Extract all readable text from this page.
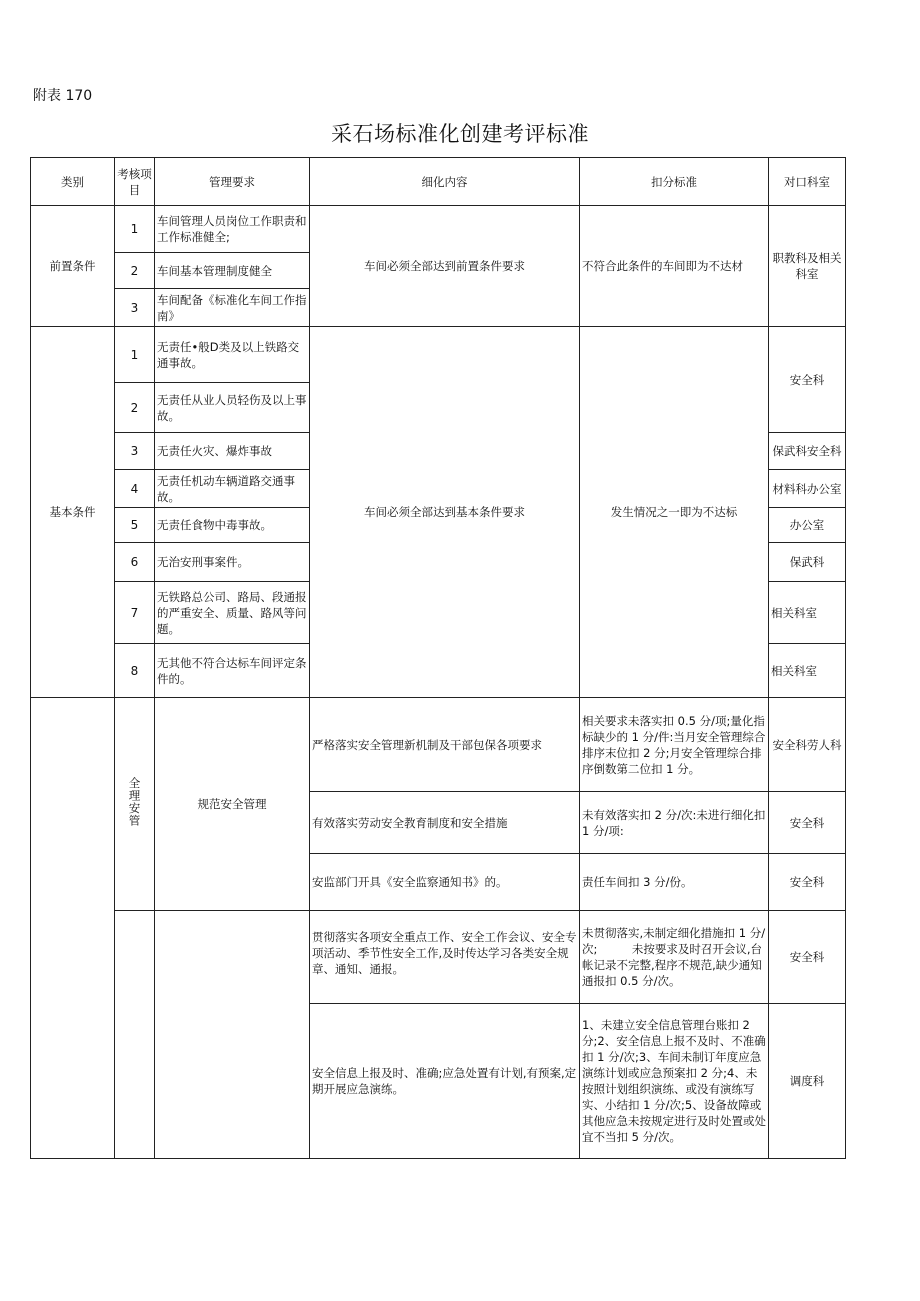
附表 170
采石场标准化创建考评标准
类别	考核项目	管理要求	细化内容	扣分标准	对口科室
前置条件	1	车间管理人员岗位工作职责和工作标准健全;	车间必须全部达到前置条件要求	不符合此条件的车间即为不达材	职教科及相关科室
	2	车间基本管理制度健全			
	3	车间配备《标准化车间工作指南》			
基本条件	1	无责任•般D类及以上铁路交通事故。	车间必须全部达到基本条件要求	发生情况之一即为不达标	安全科
	2	无责任从业人员轻伤及以上事故。			
	3	无责任火灾、爆炸事故			保武科安全科
	4	无责任机动车辆道路交通事故。			材料科办公室
	5	无责任食物中毒事故。			办公室
	6	无治安刑事案件。			保武科
	7	无铁路总公司、路局、段通报的严重安全、质量、路风等问题。			相关科室
	8	无其他不符合达标车间评定条件的。			相关科室
	全理安管	规范安全管理	严格落实安全管理新机制及干部包保各项要求	相关要求未落实扣 0.5 分/项;量化指标缺少的 1 分/件:当月安全管理综合排序末位扣 2 分;月安全管理综合排序倒数第二位扣 1 分。	安全科劳人科
			有效落实劳动安全教育制度和安全措施	未有效落实扣 2 分/次:未进行细化扣 1 分/项:	安全科
			安监部门开具《安全监察通知书》的。	责任车间扣 3 分/份。	安全科
			贯彻落实各项安全重点工作、安全工作会议、安全专项活动、季节性安全工作,及时传达学习各类安全规章、通知、通报。	未贯彻落实,未制定细化措施扣 1 分/次;　　　未按要求及时召开会议,台帐记录不完整,程序不规范,缺少通知通报扣 0.5 分/次。	安全科
			安全信息上报及时、准确;应急处置有计划,有预案,定期开展应急演练。	1、未建立安全信息管理台账扣 2 分;2、安全信息上报不及时、不准确扣 1 分/次;3、车间未制订年度应急演练计划或应急预案扣 2 分;4、未按照计划组织演练、或没有演练写实、小结扣 1 分/次;5、设备故障或其他应急未按规定进行及时处置或处宜不当扣 5 分/次。	调度科
